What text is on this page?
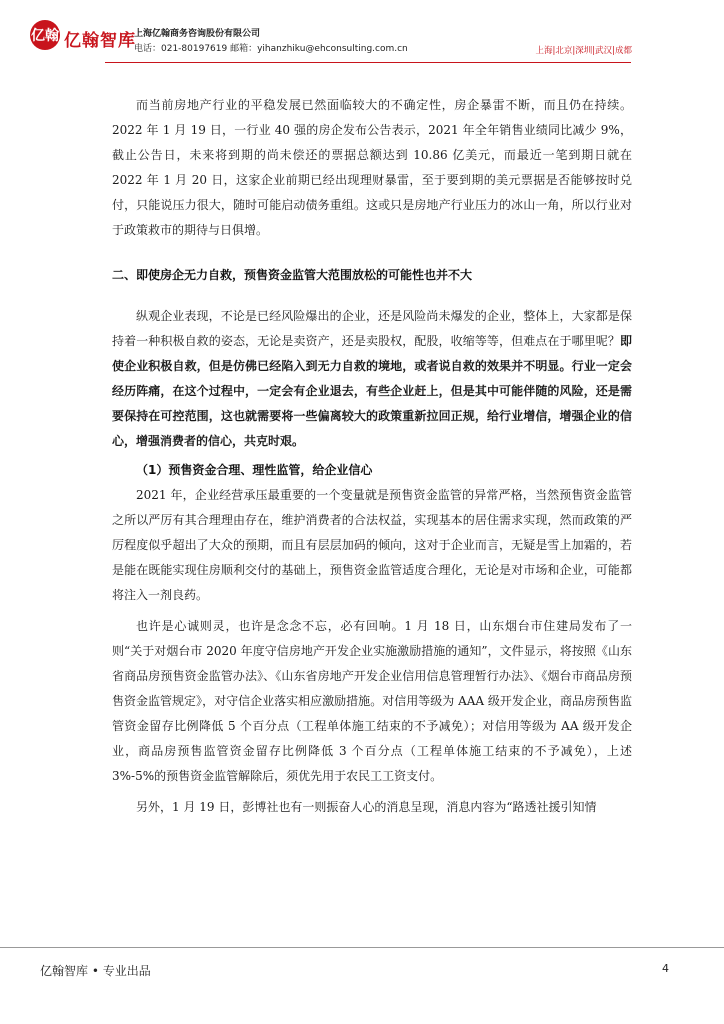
亿翰 亿翰智库
上海亿翰商务咨询股份有限公司
电话：021-80197619 邮箱：yihanzhiku@ehconsulting.com.cn	上海|北京|深圳|武汉|成都

而当前房地产行业的平稳发展已然面临较大的不确定性，房企暴雷不断，而且仍在持续。2022 年 1 月 19 日，一行业 40 强的房企发布公告表示，2021 年全年销售业绩同比减少 9%，截止公告日，未来将到期的尚未偿还的票据总额达到 10.86 亿美元，而最近一笔到期日就在 2022 年 1 月 20 日，这家企业前期已经出现理财暴雷，至于要到期的美元票据是否能够按时兑付，只能说压力很大，随时可能启动债务重组。这或只是房地产行业压力的冰山一角，所以行业对于政策救市的期待与日俱增。

二、即使房企无力自救，预售资金监管大范围放松的可能性也并不大

纵观企业表现，不论是已经风险爆出的企业，还是风险尚未爆发的企业，整体上，大家都是保持着一种积极自救的姿态，无论是卖资产，还是卖股权，配股，收缩等等，但难点在于哪里呢？即使企业积极自救，但是仿佛已经陷入到无力自救的境地，或者说自救的效果并不明显。行业一定会经历阵痛，在这个过程中，一定会有企业退去，有些企业赶上，但是其中可能伴随的风险，还是需要保持在可控范围，这也就需要将一些偏离较大的政策重新拉回正规，给行业增信，增强企业的信心，增强消费者的信心，共克时艰。

（1）预售资金合理、理性监管，给企业信心

2021 年，企业经营承压最重要的一个变量就是预售资金监管的异常严格，当然预售资金监管之所以严厉有其合理理由存在，维护消费者的合法权益，实现基本的居住需求实现，然而政策的严厉程度似乎超出了大众的预期，而且有层层加码的倾向，这对于企业而言，无疑是雪上加霜的，若是能在既能实现住房顺利交付的基础上，预售资金监管适度合理化，无论是对市场和企业，可能都将注入一剂良药。

也许是心诚则灵，也许是念念不忘，必有回响。1 月 18 日，山东烟台市住建局发布了一则“关于对烟台市 2020 年度守信房地产开发企业实施激励措施的通知”，文件显示，将按照《山东省商品房预售资金监管办法》、《山东省房地产开发企业信用信息管理暂行办法》、《烟台市商品房预售资金监管规定》，对守信企业落实相应激励措施。对信用等级为 AAA 级开发企业，商品房预售监管资金留存比例降低 5 个百分点（工程单体施工结束的不予减免）；对信用等级为 AA 级开发企业，商品房预售监管资金留存比例降低 3 个百分点（工程单体施工结束的不予减免），上述 3%-5%的预售资金监管解除后，须优先用于农民工工资支付。

另外，1 月 19 日，彭博社也有一则振奋人心的消息呈现，消息内容为“路透社援引知情

亿翰智库 • 专业出品	4
